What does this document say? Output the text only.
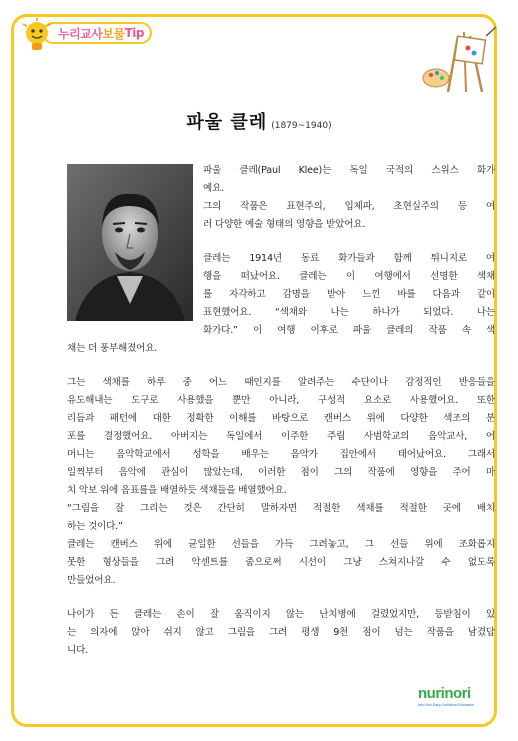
누리교사 보물 Tip
파울 클레 (1879~1940)
파울 클레(Paul Klee)는 독일 국적의 스위스 화가
예요.
그의 작품은 표현주의, 입체파, 초현실주의 등 여
러 다양한 예술 형태의 영향을 받았어요.
클레는 1914년 동료 화가들과 함께 튀니지로 여
행을 떠났어요. 클레는 이 여행에서 선명한 색채
를 자각하고 감명을 받아 느낀 바를 다음과 같이
표현했어요. “색채와 나는 하나가 되었다. 나는
화가다.” 이 여행 이후로 파울 클레의 작품 속 색
채는 더 풍부해졌어요.
그는 색채를 하루 중 어느 때인지를 알려주는 수단이나 감정적인 반응들을
유도해내는 도구로 사용했을 뿐만 아니라, 구성적 요소로 사용했어요. 또한
리듬과 패턴에 대한 정확한 이해를 바탕으로 캔버스 위에 다양한 색조의 분
포를 결정했어요. 아버지는 독일에서 이주한 주립 사범학교의 음악교사, 어
머니는 음악학교에서 성학을 배우는 음악가 집안에서 태어났어요. 그래서
일찍부터 음악에 관심이 많았는데, 이러한 점이 그의 작품에 영향을 주어 마
치 악보 위에 음표를을 배열하듯 색채들을 배열했어요.
“그림을 잘 그리는 것은 간단히 말하자면 적절한 색채를 적절한 곳에 배치
하는 것이다.”
클레는 캔버스 위에 균일한 선들을 가득 그려놓고, 그 선들 위에 조화롭지
못한 형상들을 그려 악센트를 줌으로써 시선이 그냥 스쳐지나갈 수 없도록
만들었어요.
나이가 든 클레는 손이 잘 움직이지 않는 난치병에 걸렸었지만, 등받침이 있
는 의자에 앉아 쉬지 않고 그림을 그려 평생 9천 점이 넘는 작품을 남겼답
니다.
nurinori
Nuri Nori Early Childhood Education
